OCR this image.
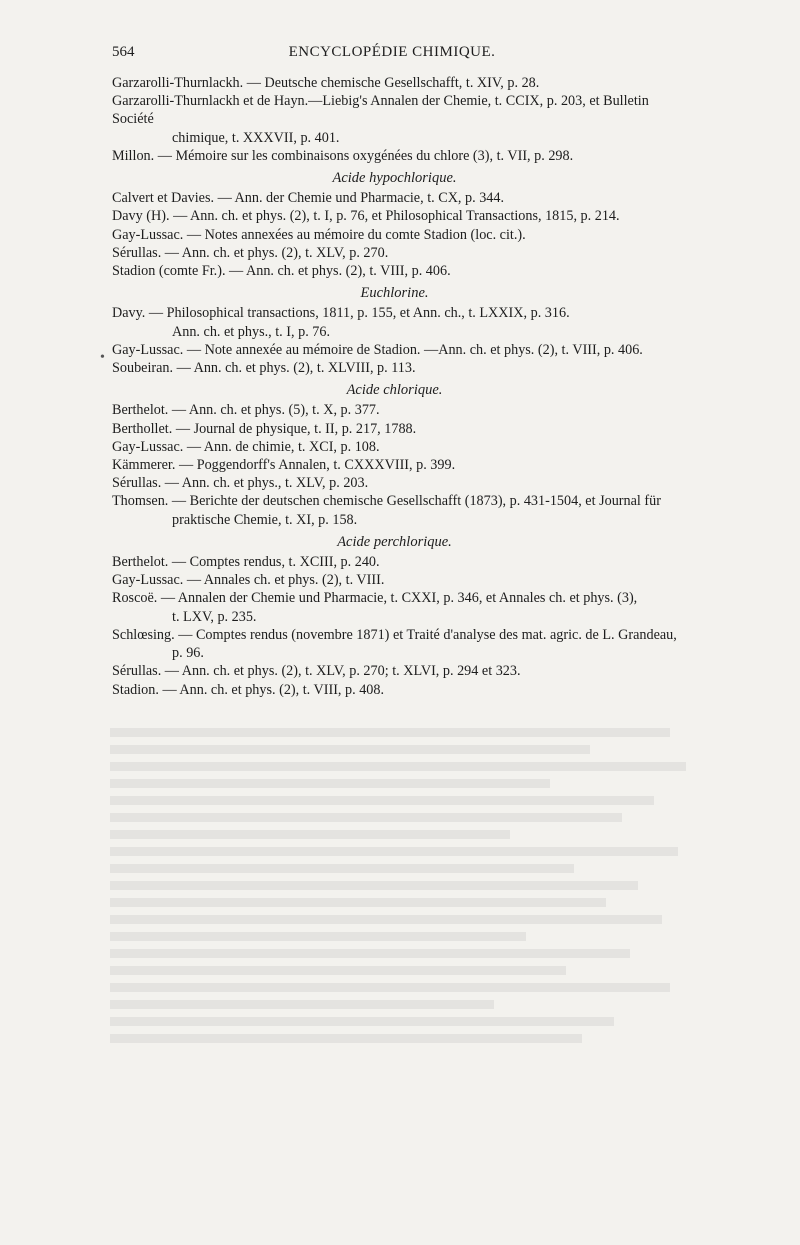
564	ENCYCLOPÉDIE CHIMIQUE.
•

Garzarolli-Thurnlackh. — Deutsche chemische Gesellschafft, t. XIV, p. 28.

Garzarolli-Thurnlackh et de Hayn.—Liebig's Annalen der Chemie, t. CCIX, p. 203, et Bulletin Société
chimique, t. XXXVII, p. 401.

Millon. — Mémoire sur les combinaisons oxygénées du chlore (3), t. VII, p. 298.

Acide hypochlorique.

Calvert et Davies. — Ann. der Chemie und Pharmacie, t. CX, p. 344.

Davy (H). — Ann. ch. et phys. (2), t. I, p. 76, et Philosophical Transactions, 1815, p. 214.

Gay-Lussac. — Notes annexées au mémoire du comte Stadion (loc. cit.).

Sérullas. — Ann. ch. et phys. (2), t. XLV, p. 270.

Stadion (comte Fr.). — Ann. ch. et phys. (2), t. VIII, p. 406.

Euchlorine.

Davy. — Philosophical transactions, 1811, p. 155, et Ann. ch., t. LXXIX, p. 316.
Ann. ch. et phys., t. I, p. 76.

Gay-Lussac. — Note annexée au mémoire de Stadion. —Ann. ch. et phys. (2), t. VIII, p. 406.

Soubeiran. — Ann. ch. et phys. (2), t. XLVIII, p. 113.

Acide chlorique.

Berthelot. — Ann. ch. et phys. (5), t. X, p. 377.

Berthollet. — Journal de physique, t. II, p. 217, 1788.

Gay-Lussac. — Ann. de chimie, t. XCI, p. 108.

Kämmerer. — Poggendorff's Annalen, t. CXXXVIII, p. 399.

Sérullas. — Ann. ch. et phys., t. XLV, p. 203.

Thomsen. — Berichte der deutschen chemische Gesellschafft (1873), p. 431-1504, et Journal für
praktische Chemie, t. XI, p. 158.

Acide perchlorique.

Berthelot. — Comptes rendus, t. XCIII, p. 240.

Gay-Lussac. — Annales ch. et phys. (2), t. VIII.

Roscoë. — Annalen der Chemie und Pharmacie, t. CXXI, p. 346, et Annales ch. et phys. (3),
t. LXV, p. 235.

Schlœsing. — Comptes rendus (novembre 1871) et Traité d'analyse des mat. agric. de L. Grandeau,
p. 96.

Sérullas. — Ann. ch. et phys. (2), t. XLV, p. 270; t. XLVI, p. 294 et 323.

Stadion. — Ann. ch. et phys. (2), t. VIII, p. 408.
